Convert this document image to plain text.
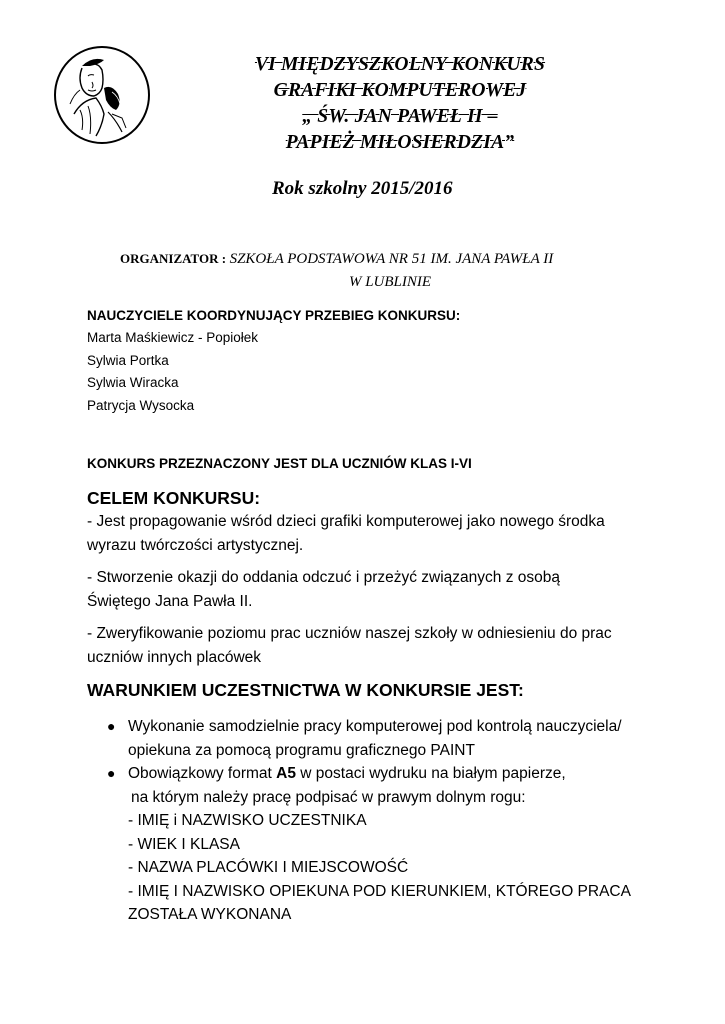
VI MIĘDZYSZKOLNY KONKURS
GRAFIKI KOMPUTEROWEJ
„ ŚW. JAN PAWEŁ II –
PAPIEŻ MIŁOSIERDZIA”
Rok szkolny 2015/2016
ORGANIZATOR : SZKOŁA PODSTAWOWA NR 51 IM. JANA PAWŁA II
W LUBLINIE

NAUCZYCIELE KOORDYNUJĄCY PRZEBIEG KONKURSU:

Marta Maśkiewicz - Popiołek

Sylwia Portka

Sylwia Wiracka

Patrycja Wysocka

KONKURS PRZEZNACZONY JEST DLA UCZNIÓW KLAS I-VI

CELEM KONKURSU:

- Jest propagowanie wśród dzieci grafiki komputerowej jako nowego środka
wyrazu twórczości artystycznej.

- Stworzenie okazji do oddania odczuć i przeżyć związanych z osobą
Świętego Jana Pawła II.

- Zweryfikowanie poziomu prac uczniów naszej szkoły w odniesieniu do prac
uczniów innych placówek

WARUNKIEM UCZESTNICTWA W KONKURSIE JEST:

● Wykonanie samodzielnie pracy komputerowej pod kontrolą nauczyciela/
opiekuna za pomocą programu graficznego PAINT
● Obowiązkowy format A5 w postaci wydruku na białym papierze,
na którym należy pracę podpisać w prawym dolnym rogu:
- IMIĘ i NAZWISKO UCZESTNIKA
- WIEK I KLASA
- NAZWA PLACÓWKI I MIEJSCOWOŚĆ
- IMIĘ I NAZWISKO OPIEKUNA POD KIERUNKIEM, KTÓREGO PRACA
ZOSTAŁA WYKONANA
